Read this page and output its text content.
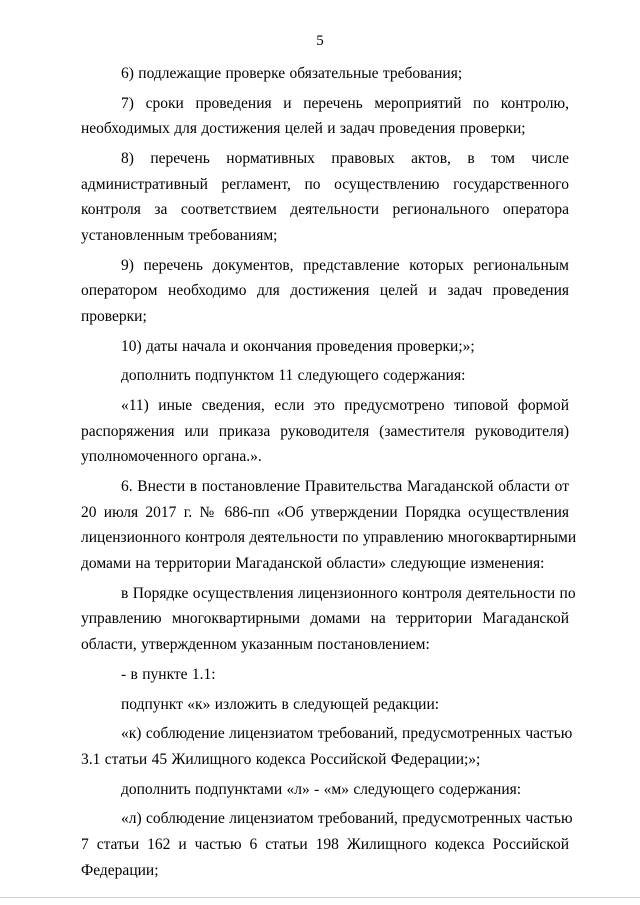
5
6) подлежащие проверке обязательные требования;
7) сроки проведения и перечень мероприятий по контролю,
необходимых для достижения целей и задач проведения проверки;
8) перечень нормативных правовых актов, в том числе
административный регламент, по осуществлению государственного
контроля за соответствием деятельности регионального оператора
установленным требованиям;
9) перечень документов, представление которых региональным
оператором необходимо для достижения целей и задач проведения
проверки;
10) даты начала и окончания проведения проверки;»;
дополнить подпунктом 11 следующего содержания:
«11) иные сведения, если это предусмотрено типовой формой
распоряжения или приказа руководителя (заместителя руководителя)
уполномоченного органа.».
6. Внести в постановление Правительства Магаданской области от
20 июля 2017 г. № 686-пп «Об утверждении Порядка осуществления
лицензионного контроля деятельности по управлению многоквартирными
домами на территории Магаданской области» следующие изменения:
в Порядке осуществления лицензионного контроля деятельности по
управлению многоквартирными домами на территории Магаданской
области, утвержденном указанным постановлением:
- в пункте 1.1:
подпункт «к» изложить в следующей редакции:
«к) соблюдение лицензиатом требований, предусмотренных частью
3.1 статьи 45 Жилищного кодекса Российской Федерации;»;
дополнить подпунктами «л» - «м» следующего содержания:
«л) соблюдение лицензиатом требований, предусмотренных частью
7 статьи 162 и частью 6 статьи 198 Жилищного кодекса Российской
Федерации;
